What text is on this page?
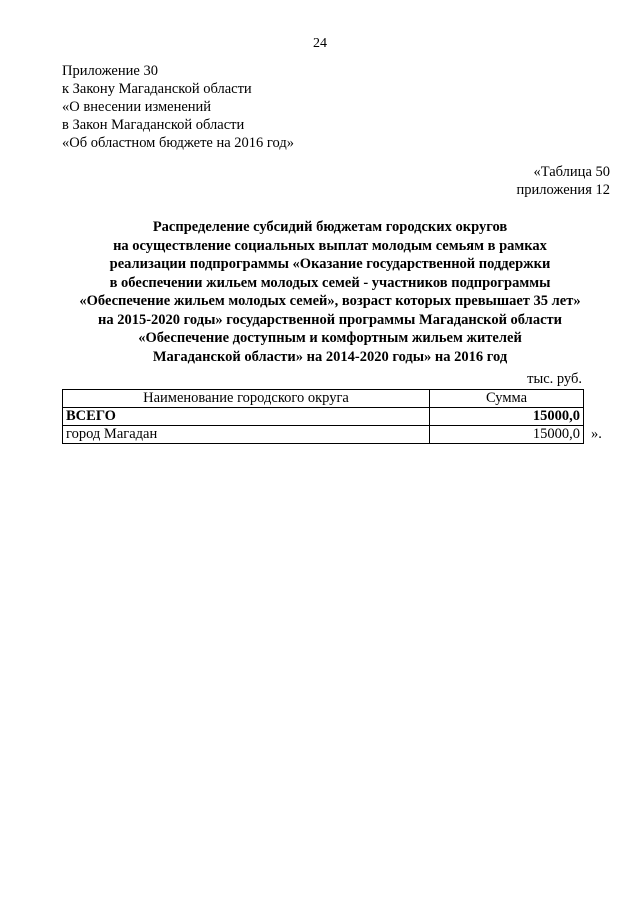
24
Приложение 30
к Закону Магаданской области
«О внесении изменений
в Закон Магаданской области
«Об областном бюджете на 2016 год»
«Таблица 50
приложения 12
Распределение субсидий бюджетам городских округов
на осуществление социальных выплат молодым семьям в рамках
реализации подпрограммы «Оказание государственной поддержки
в обеспечении жильем молодых семей - участников подпрограммы
«Обеспечение жильем молодых семей», возраст которых превышает 35 лет»
на 2015-2020 годы» государственной программы Магаданской области
«Обеспечение доступным и комфортным жильем жителей
Магаданской области» на 2014-2020 годы» на 2016 год
тыс. руб.
Наименование городского округа	Сумма
ВСЕГО	15000,0
город Магадан	15000,0 ».
